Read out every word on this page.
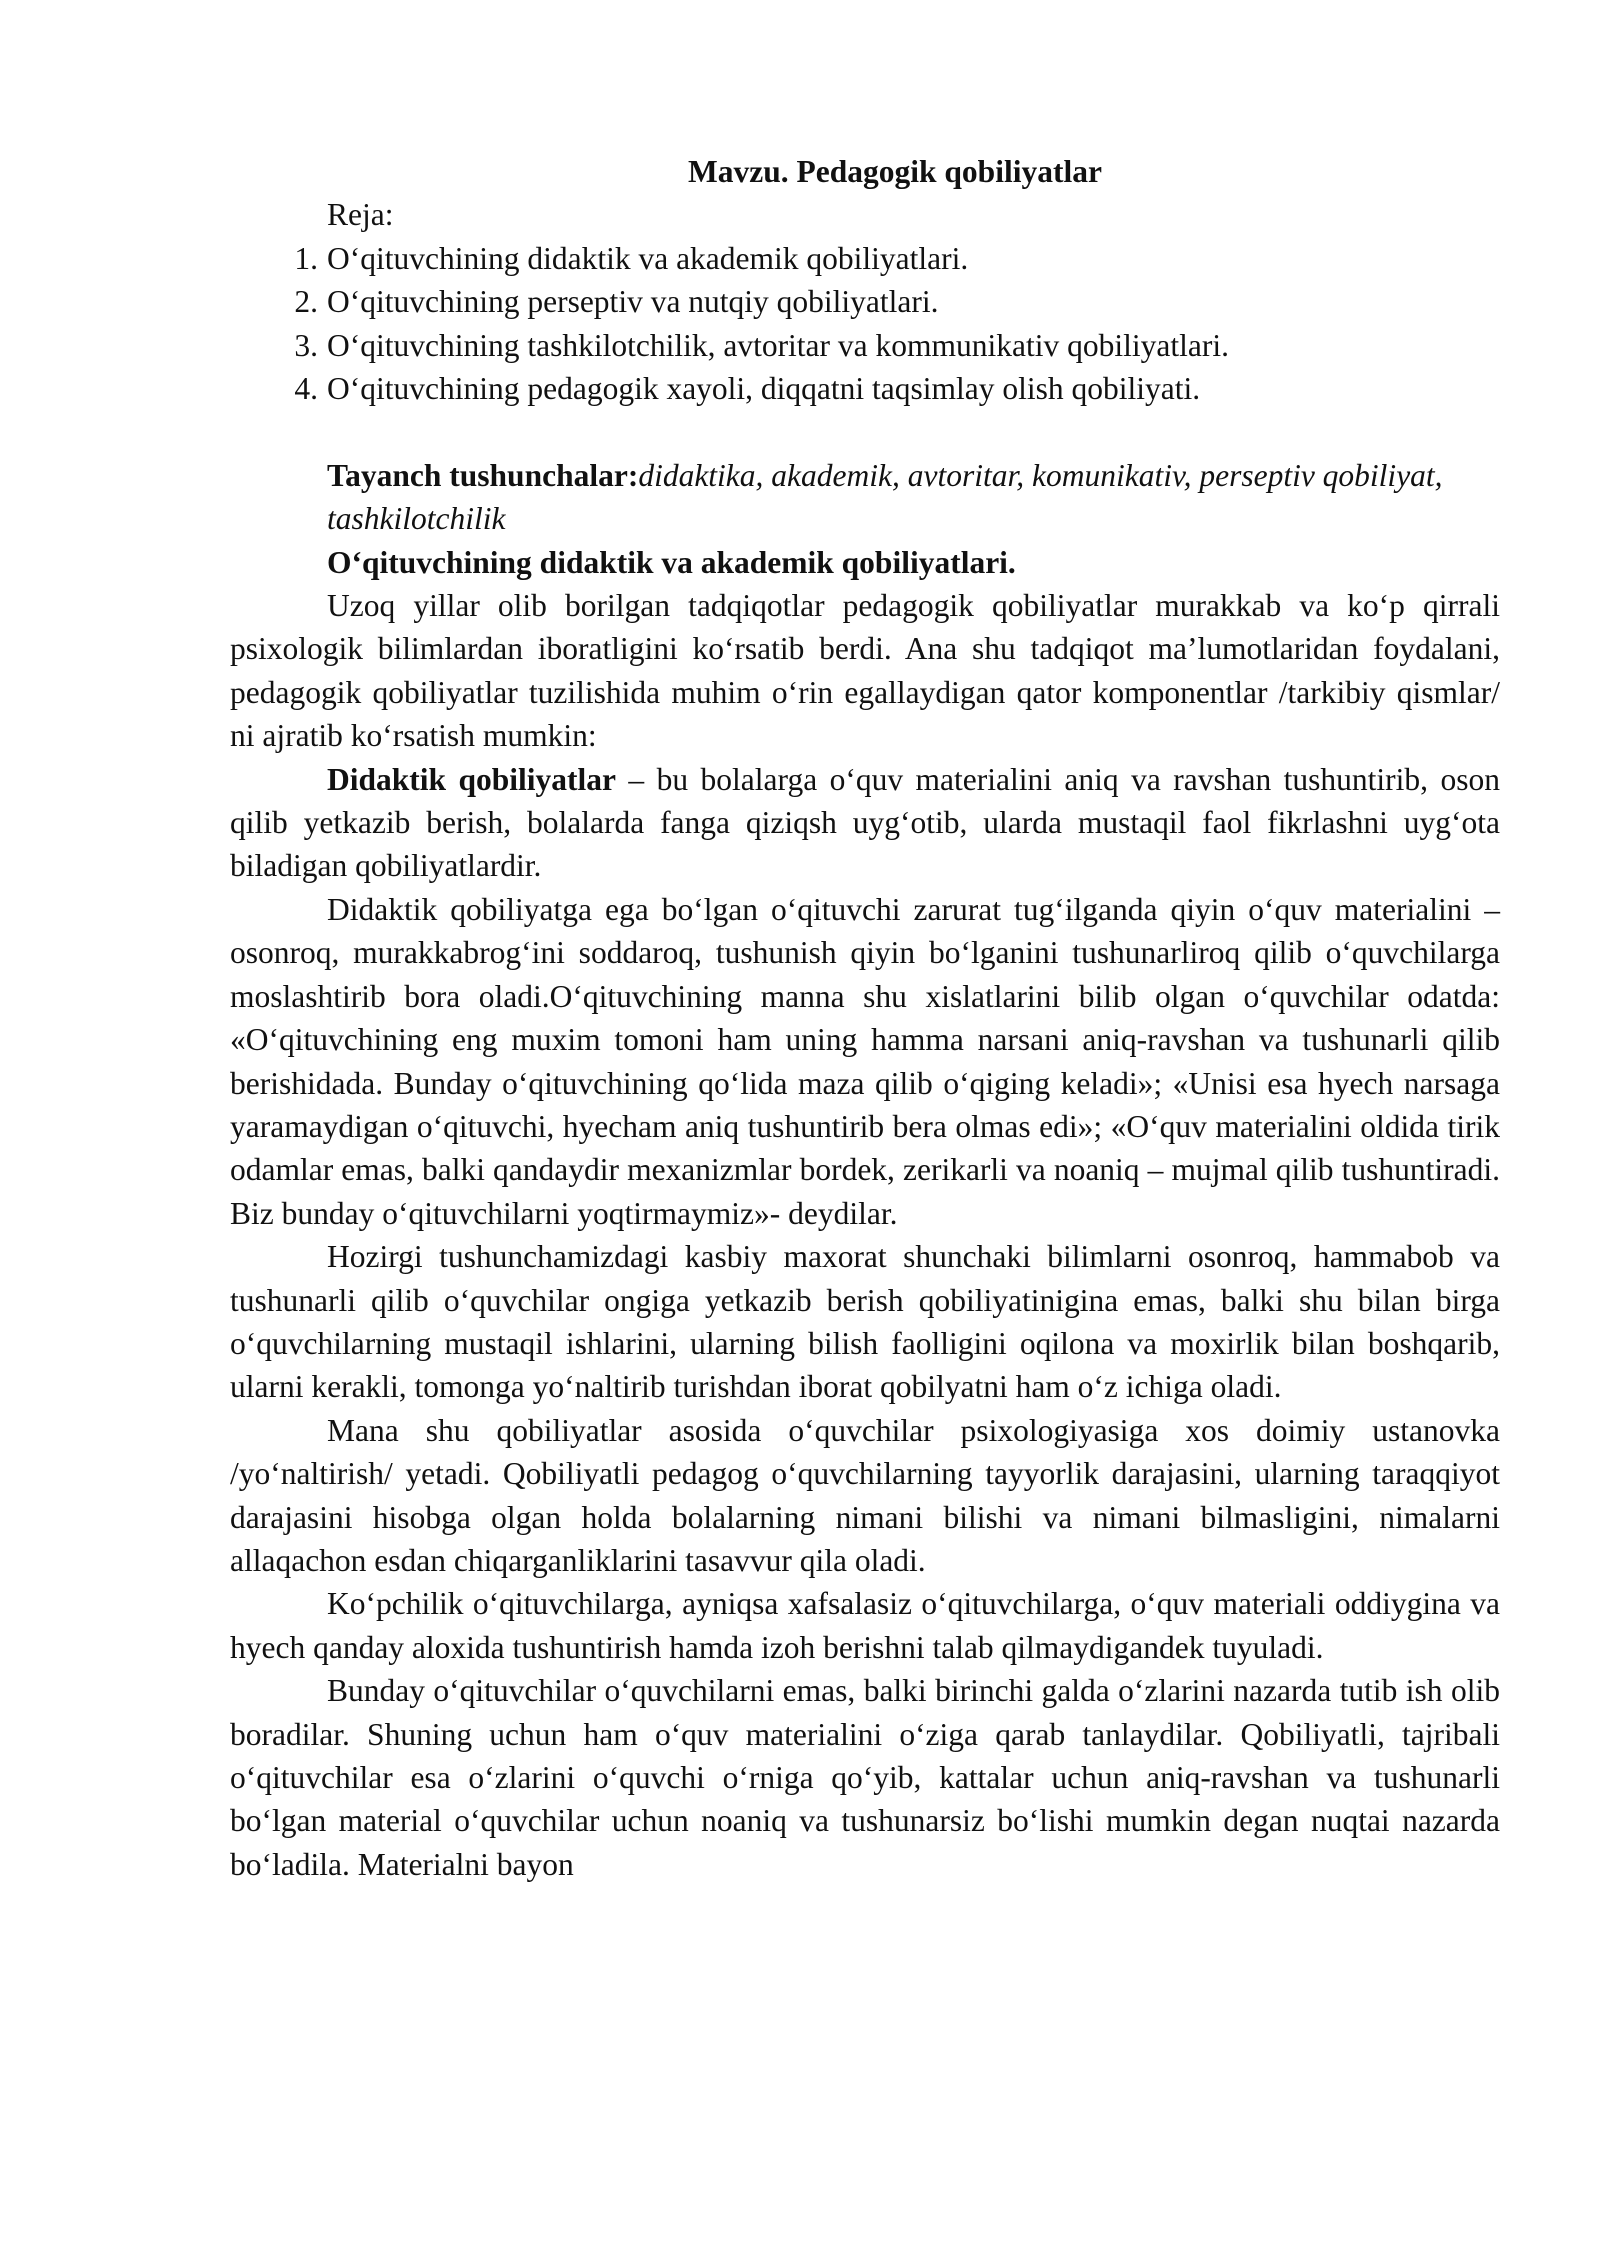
Mavzu. Pedagogik qobiliyatlar
Reja:
1. O‘qituvchining didaktik va akademik qobiliyatlari.
2. O‘qituvchining perseptiv va nutqiy qobiliyatlari.
3. O‘qituvchining tashkilotchilik, avtoritar va kommunikativ qobiliyatlari.
4. O‘qituvchining pedagogik xayoli, diqqatni taqsimlay olish qobiliyati.
Tayanch tushunchalar:didaktika, akademik, avtoritar, komunikativ, perseptiv qobiliyat, tashkilotchilik
O‘qituvchining didaktik va akademik qobiliyatlari.

Uzoq yillar olib borilgan tadqiqotlar pedagogik qobiliyatlar murakkab va ko‘p qirrali psixologik bilimlardan iboratligini ko‘rsatib berdi. Ana shu tadqiqot ma’lumotlaridan foydalani, pedagogik qobiliyatlar tuzilishida muhim o‘rin egallaydigan qator komponentlar /tarkibiy qismlar/ ni ajratib ko‘rsatish mumkin:

Didaktik qobiliyatlar – bu bolalarga o‘quv materialini aniq va ravshan tushuntirib, oson qilib yetkazib berish, bolalarda fanga qiziqsh uyg‘otib, ularda mustaqil faol fikrlashni uyg‘ota biladigan qobiliyatlardir.

Didaktik qobiliyatga ega bo‘lgan o‘qituvchi zarurat tug‘ilganda qiyin o‘quv materialini – osonroq, murakkabrog‘ini soddaroq, tushunish qiyin bo‘lganini tushunarliroq qilib o‘quvchilarga moslashtirib bora oladi.O‘qituvchining manna shu xislatlarini bilib olgan o‘quvchilar odatda: «O‘qituvchining eng muxim tomoni ham uning hamma narsani aniq-ravshan va tushunarli qilib berishidada. Bunday o‘qituvchining qo‘lida maza qilib o‘qiging keladi»; «Unisi esa hyech narsaga yaramaydigan o‘qituvchi, hyecham aniq tushuntirib bera olmas edi»; «O‘quv materialini oldida tirik odamlar emas, balki qandaydir mexanizmlar bordek, zerikarli va noaniq – mujmal qilib tushuntiradi. Biz bunday o‘qituvchilarni yoqtirmaymiz»- deydilar.

Hozirgi tushunchamizdagi kasbiy maxorat shunchaki bilimlarni osonroq, hammabob va tushunarli qilib o‘quvchilar ongiga yetkazib berish qobiliyatinigina emas, balki shu bilan birga o‘quvchilarning mustaqil ishlarini, ularning bilish faolligini oqilona va moxirlik bilan boshqarib, ularni kerakli, tomonga yo‘naltirib turishdan iborat qobilyatni ham o‘z ichiga oladi.

Mana shu qobiliyatlar asosida o‘quvchilar psixologiyasiga xos doimiy ustanovka /yo‘naltirish/ yetadi. Qobiliyatli pedagog o‘quvchilarning tayyorlik darajasini, ularning taraqqiyot darajasini hisobga olgan holda bolalarning nimani bilishi va nimani bilmasligini, nimalarni allaqachon esdan chiqarganliklarini tasavvur qila oladi.

Ko‘pchilik o‘qituvchilarga, ayniqsa xafsalasiz o‘qituvchilarga, o‘quv materiali oddiygina va hyech qanday aloxida tushuntirish hamda izoh berishni talab qilmaydigandek tuyuladi.

Bunday o‘qituvchilar o‘quvchilarni emas, balki birinchi galda o‘zlarini nazarda tutib ish olib boradilar. Shuning uchun ham o‘quv materialini o‘ziga qarab tanlaydilar. Qobiliyatli, tajribali o‘qituvchilar esa o‘zlarini o‘quvchi o‘rniga qo‘yib, kattalar uchun aniq-ravshan va tushunarli bo‘lgan material o‘quvchilar uchun noaniq va tushunarsiz bo‘lishi mumkin degan nuqtai nazarda bo‘ladila. Materialni bayon
